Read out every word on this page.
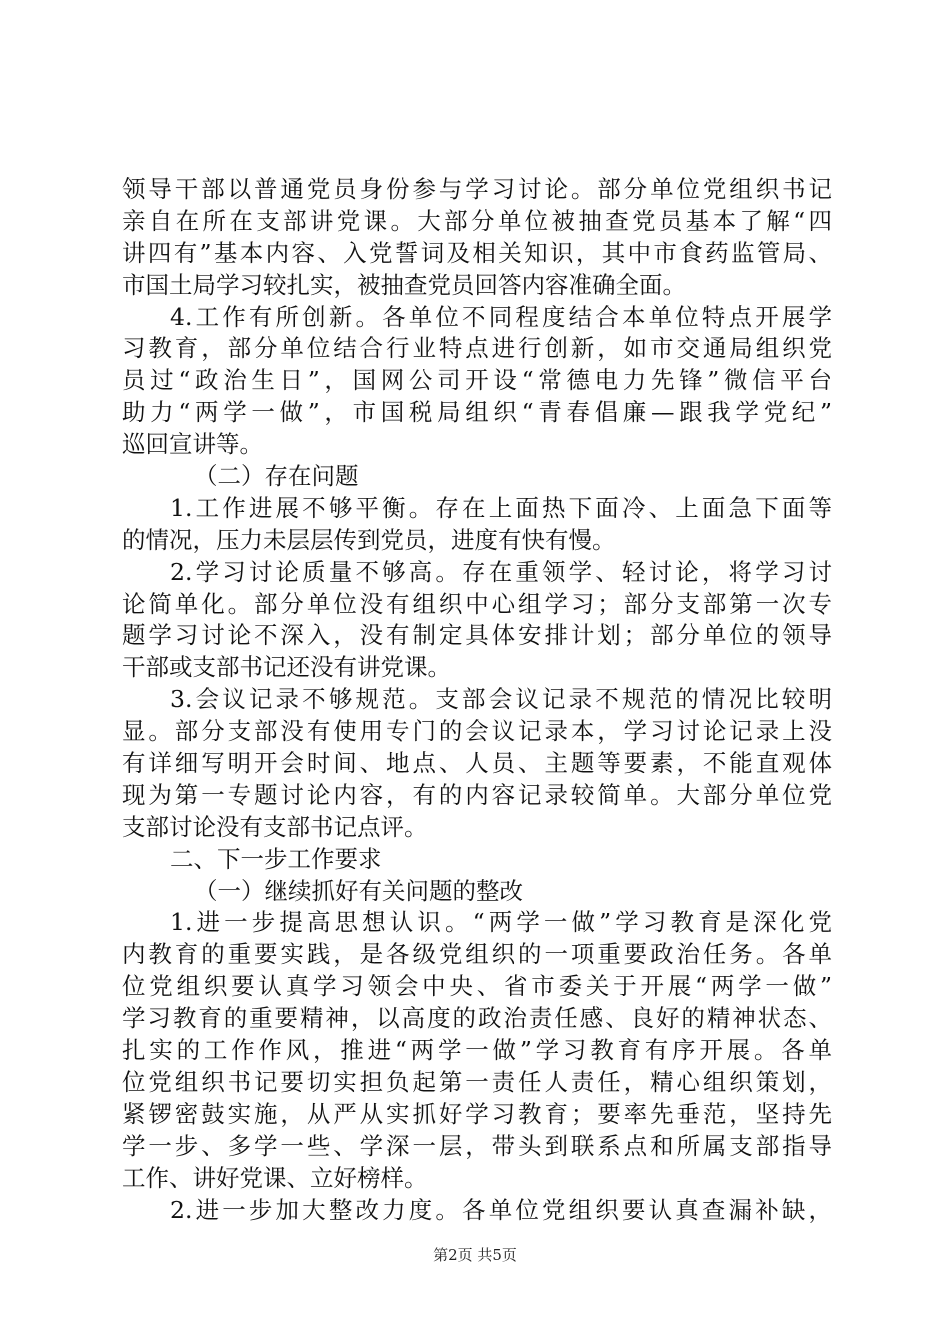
领导干部以普通党员身份参与学习讨论。部分单位党组织书记
亲自在所在支部讲党课。大部分单位被抽查党员基本了解“四
讲四有”基本内容、入党誓词及相关知识，其中市食药监管局、
市国土局学习较扎实，被抽查党员回答内容准确全面。
4.工作有所创新。各单位不同程度结合本单位特点开展学
习教育，部分单位结合行业特点进行创新，如市交通局组织党
员过“政治生日”，国网公司开设“常德电力先锋”微信平台
助力“两学一做”，市国税局组织“青春倡廉—跟我学党纪”
巡回宣讲等。
（二）存在问题
1.工作进展不够平衡。存在上面热下面冷、上面急下面等
的情况，压力未层层传到党员，进度有快有慢。
2.学习讨论质量不够高。存在重领学、轻讨论，将学习讨
论简单化。部分单位没有组织中心组学习；部分支部第一次专
题学习讨论不深入，没有制定具体安排计划；部分单位的领导
干部或支部书记还没有讲党课。
3.会议记录不够规范。支部会议记录不规范的情况比较明
显。部分支部没有使用专门的会议记录本，学习讨论记录上没
有详细写明开会时间、地点、人员、主题等要素，不能直观体
现为第一专题讨论内容，有的内容记录较简单。大部分单位党
支部讨论没有支部书记点评。
二、下一步工作要求
（一）继续抓好有关问题的整改
1.进一步提高思想认识。“两学一做”学习教育是深化党
内教育的重要实践，是各级党组织的一项重要政治任务。各单
位党组织要认真学习领会中央、省市委关于开展“两学一做”
学习教育的重要精神，以高度的政治责任感、良好的精神状态、
扎实的工作作风，推进“两学一做”学习教育有序开展。各单
位党组织书记要切实担负起第一责任人责任，精心组织策划，
紧锣密鼓实施，从严从实抓好学习教育；要率先垂范，坚持先
学一步、多学一些、学深一层，带头到联系点和所属支部指导
工作、讲好党课、立好榜样。
2.进一步加大整改力度。各单位党组织要认真查漏补缺，
第2页 共5页
